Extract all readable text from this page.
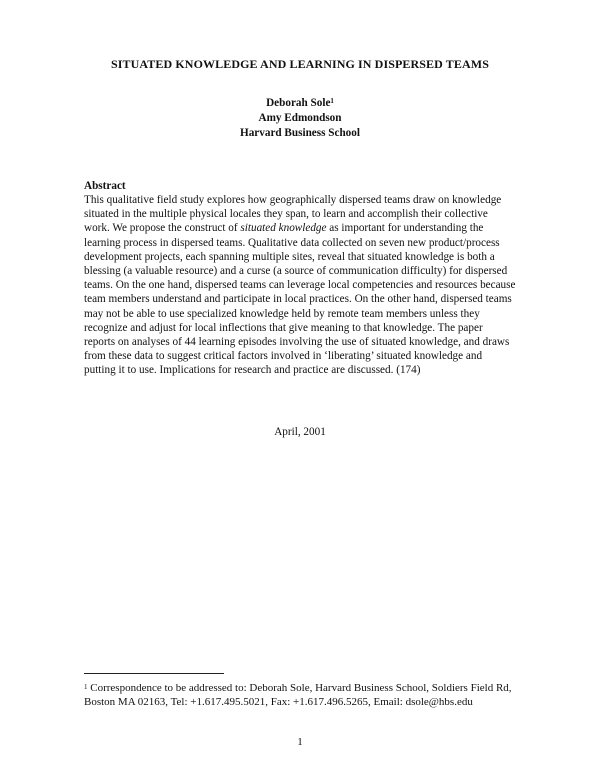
SITUATED KNOWLEDGE AND LEARNING IN DISPERSED TEAMS
Deborah Sole$^1$
Amy Edmondson
Harvard Business School
Abstract
This qualitative field study explores how geographically dispersed teams draw on knowledge situated in the multiple physical locales they span, to learn and accomplish their collective work. We propose the construct of situated knowledge as important for understanding the learning process in dispersed teams. Qualitative data collected on seven new product/process development projects, each spanning multiple sites, reveal that situated knowledge is both a blessing (a valuable resource) and a curse (a source of communication difficulty) for dispersed teams. On the one hand, dispersed teams can leverage local competencies and resources because team members understand and participate in local practices. On the other hand, dispersed teams may not be able to use specialized knowledge held by remote team members unless they recognize and adjust for local inflections that give meaning to that knowledge. The paper reports on analyses of 44 learning episodes involving the use of situated knowledge, and draws from these data to suggest critical factors involved in ‘liberating’ situated knowledge and putting it to use. Implications for research and practice are discussed. (174)
April, 2001
$^1$ Correspondence to be addressed to: Deborah Sole, Harvard Business School, Soldiers Field Rd, Boston MA 02163, Tel: +1.617.495.5021, Fax: +1.617.496.5265, Email: dsole@hbs.edu
1
